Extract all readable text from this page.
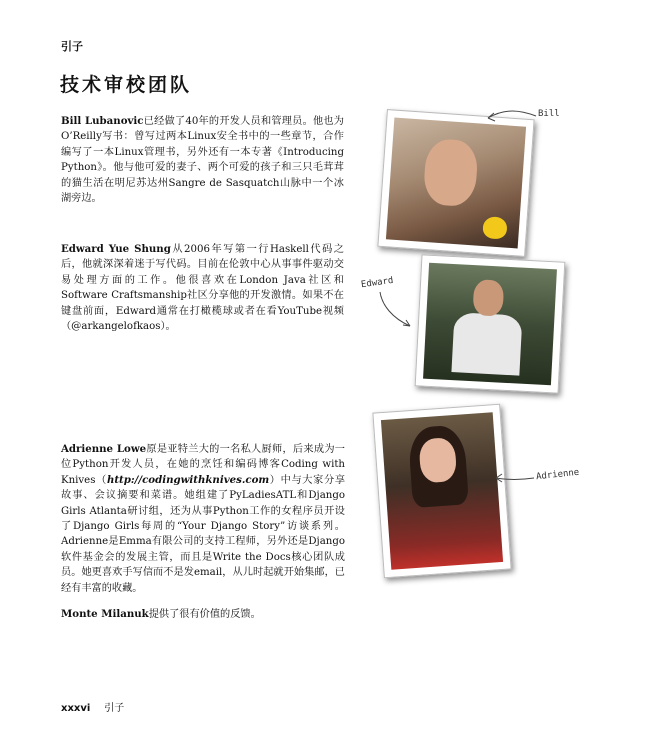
引子
技术审校团队

Bill Lubanovic已经做了40年的开发人员和管理员。他也为O’Reilly写书：曾写过两本Linux安全书中的一些章节，合作编写了一本Linux管理书，另外还有一本专著《Introducing Python》。他与他可爱的妻子、两个可爱的孩子和三只毛茸茸的猫生活在明尼苏达州Sangre de Sasquatch山脉中一个冰湖旁边。

Edward Yue Shung从2006年写第一行Haskell代码之后，他就深深着迷于写代码。目前在伦敦中心从事事件驱动交易处理方面的工作。他很喜欢在London Java社区和Software Craftsmanship社区分享他的开发激情。如果不在键盘前面，Edward通常在打橄榄球或者在看YouTube视频（@arkangelofkaos）。

Adrienne Lowe原是亚特兰大的一名私人厨师，后来成为一位Python开发人员，在她的烹饪和编码博客Coding with Knives（http://codingwithknives.com）中与大家分享故事、会议摘要和菜谱。她组建了PyLadiesATL和Django Girls Atlanta研讨组，还为从事Python工作的女程序员开设了Django Girls每周的“Your Django Story”访谈系列。Adrienne是Emma有限公司的支持工程师，另外还是Django软件基金会的发展主管，而且是Write the Docs核心团队成员。她更喜欢手写信而不是发email，从儿时起就开始集邮，已经有丰富的收藏。

Monte Milanuk提供了很有价值的反馈。

Bill
Edward
Adrienne
xxxvi 引子
